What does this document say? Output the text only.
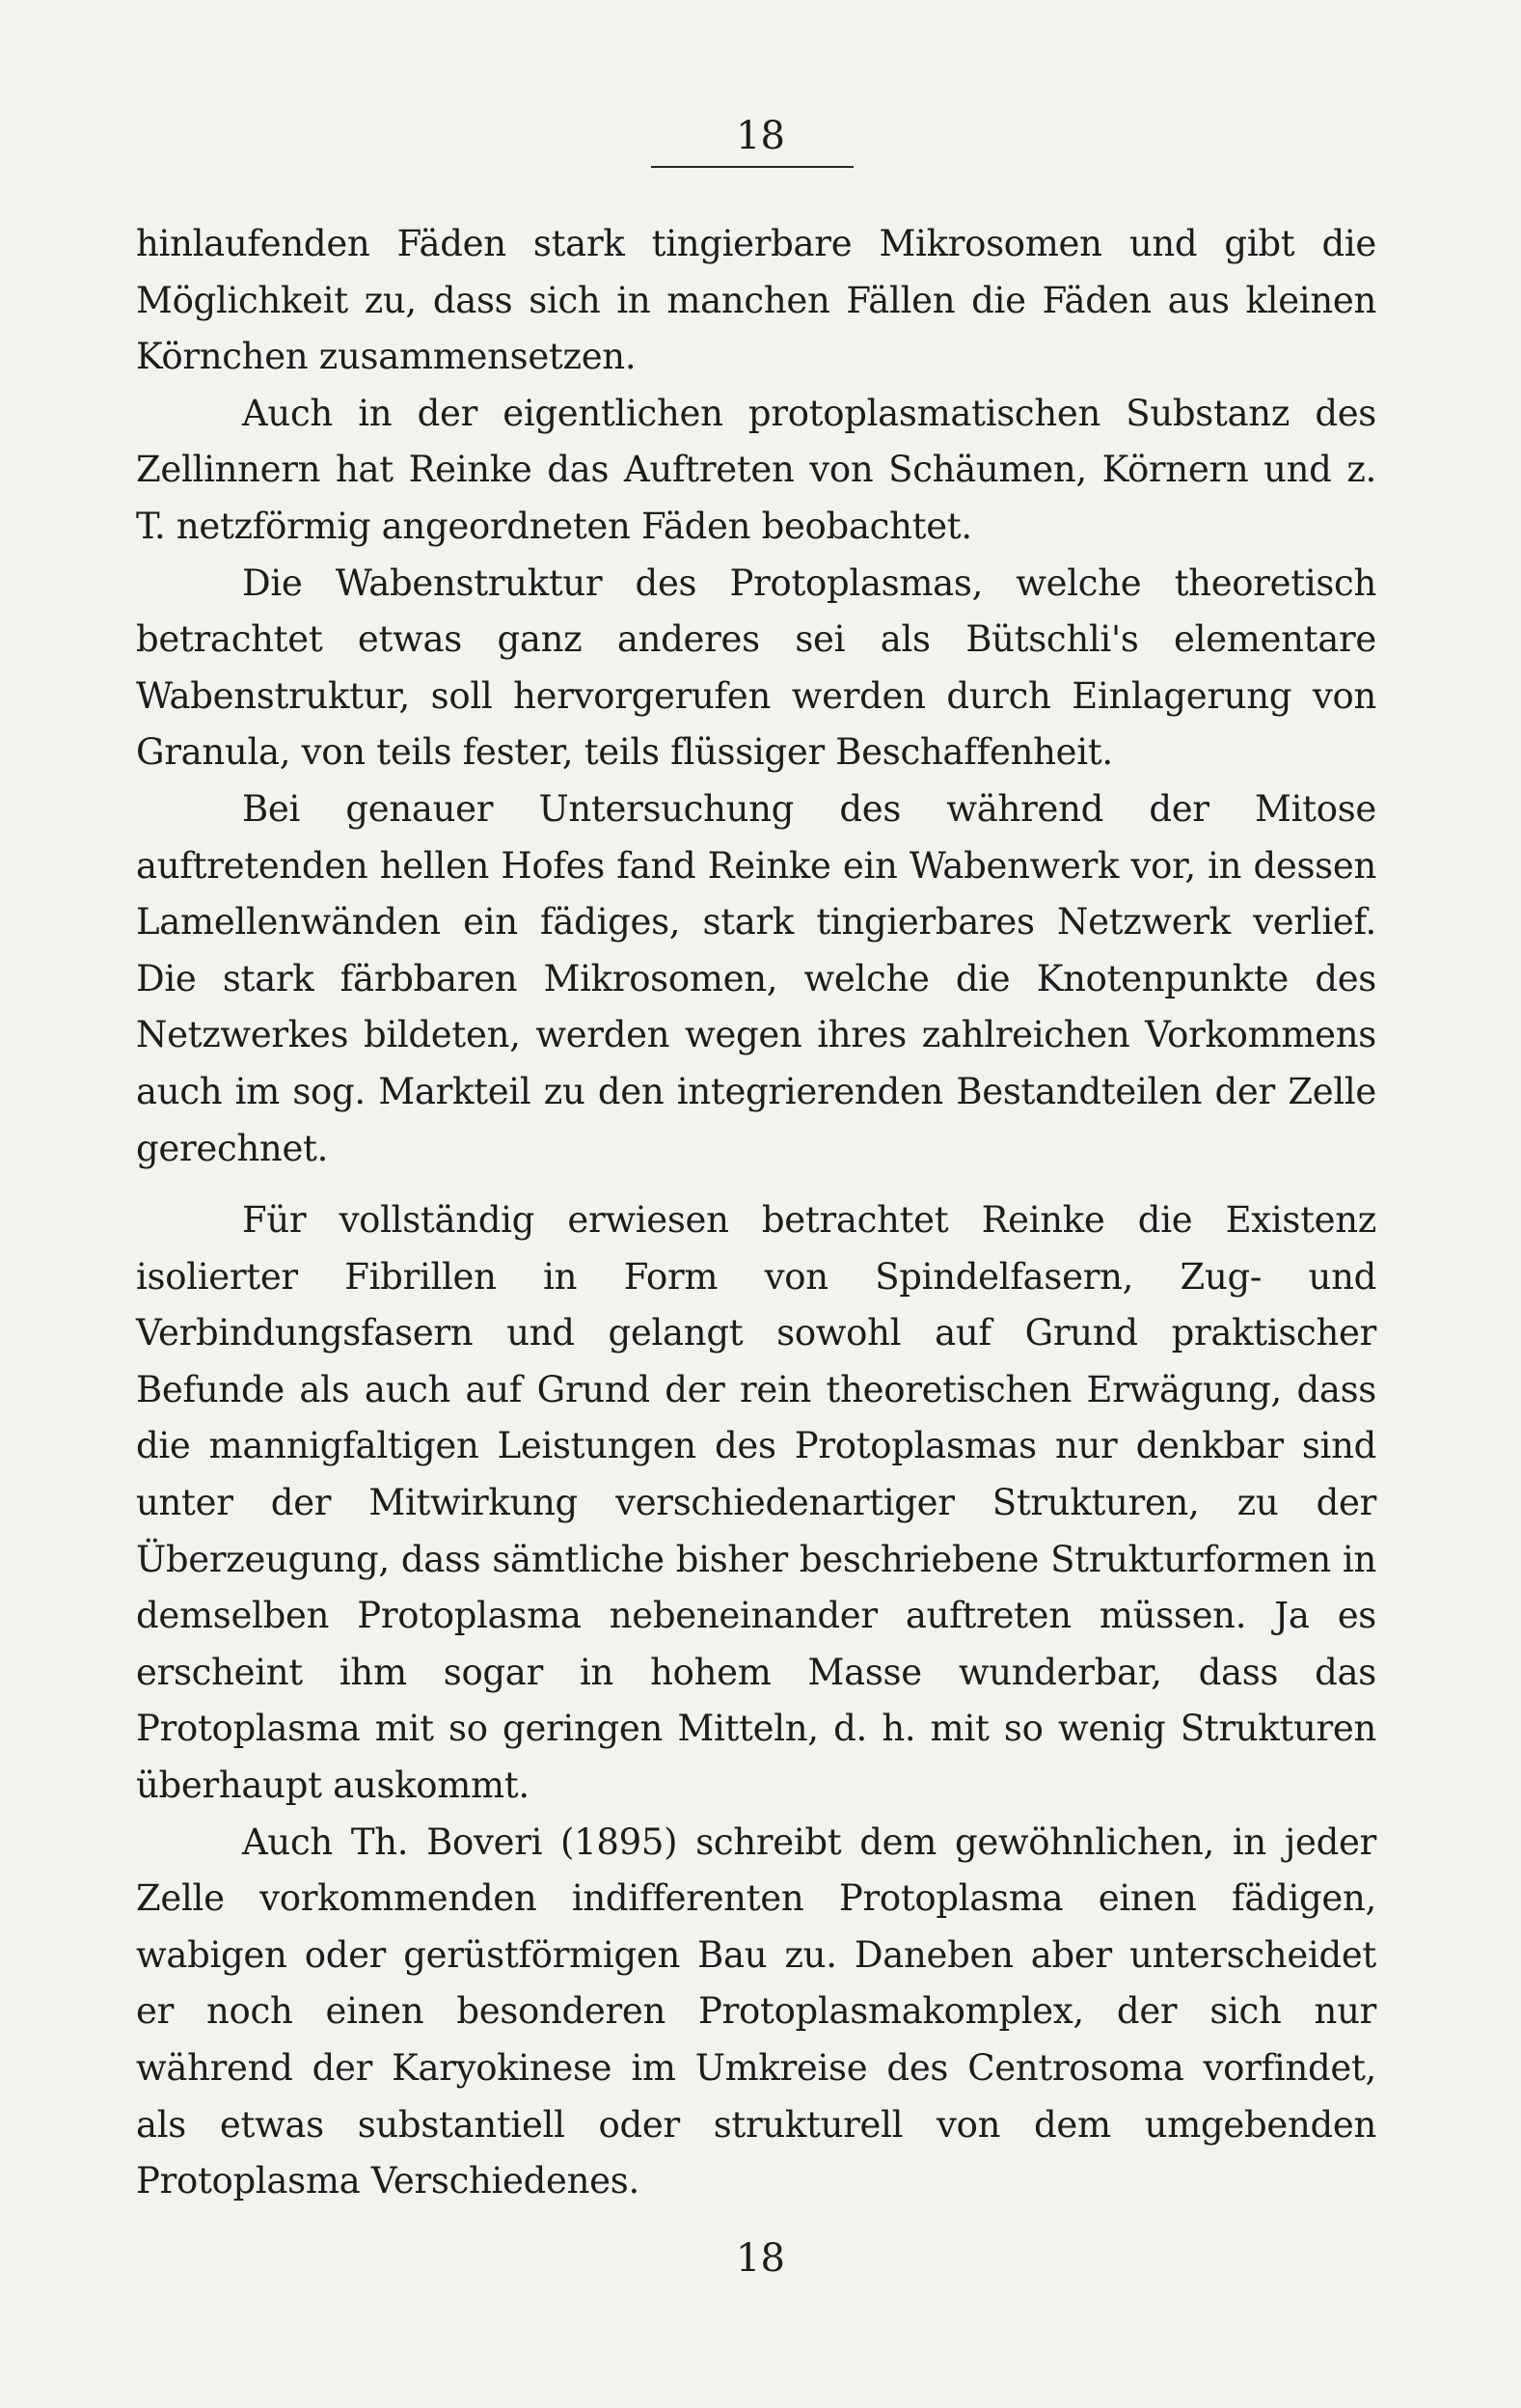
18

hinlaufenden Fäden stark tingierbare Mikrosomen und gibt die Möglichkeit zu, dass sich in manchen Fällen die Fäden aus kleinen Körnchen zusammensetzen.

Auch in der eigentlichen protoplasmatischen Substanz des Zellinnern hat Reinke das Auftreten von Schäumen, Körnern und z. T. netzförmig angeordneten Fäden beobachtet.

Die Wabenstruktur des Protoplasmas, welche theoretisch betrachtet etwas ganz anderes sei als Bütschli's elementare Wabenstruktur, soll hervorgerufen werden durch Einlagerung von Granula, von teils fester, teils flüssiger Beschaffenheit.

Bei genauer Untersuchung des während der Mitose auftretenden hellen Hofes fand Reinke ein Wabenwerk vor, in dessen Lamellenwänden ein fädiges, stark tingierbares Netzwerk verlief. Die stark färbbaren Mikrosomen, welche die Knotenpunkte des Netzwerkes bildeten, werden wegen ihres zahlreichen Vorkommens auch im sog. Markteil zu den integrierenden Bestandteilen der Zelle gerechnet.

Für vollständig erwiesen betrachtet Reinke die Existenz isolierter Fibrillen in Form von Spindelfasern, Zug- und Verbindungsfasern und gelangt sowohl auf Grund praktischer Befunde als auch auf Grund der rein theoretischen Erwägung, dass die mannigfaltigen Leistungen des Protoplasmas nur denkbar sind unter der Mitwirkung verschiedenartiger Strukturen, zu der Überzeugung, dass sämtliche bisher beschriebene Strukturformen in demselben Protoplasma nebeneinander auftreten müssen. Ja es erscheint ihm sogar in hohem Masse wunderbar, dass das Protoplasma mit so geringen Mitteln, d. h. mit so wenig Strukturen überhaupt auskommt.

Auch Th. Boveri (1895) schreibt dem gewöhnlichen, in jeder Zelle vorkommenden indifferenten Protoplasma einen fädigen, wabigen oder gerüstförmigen Bau zu. Daneben aber unterscheidet er noch einen besonderen Protoplasmakomplex, der sich nur während der Karyokinese im Umkreise des Centrosoma vorfindet, als etwas substantiell oder strukturell von dem umgebenden Protoplasma Verschiedenes.

18
